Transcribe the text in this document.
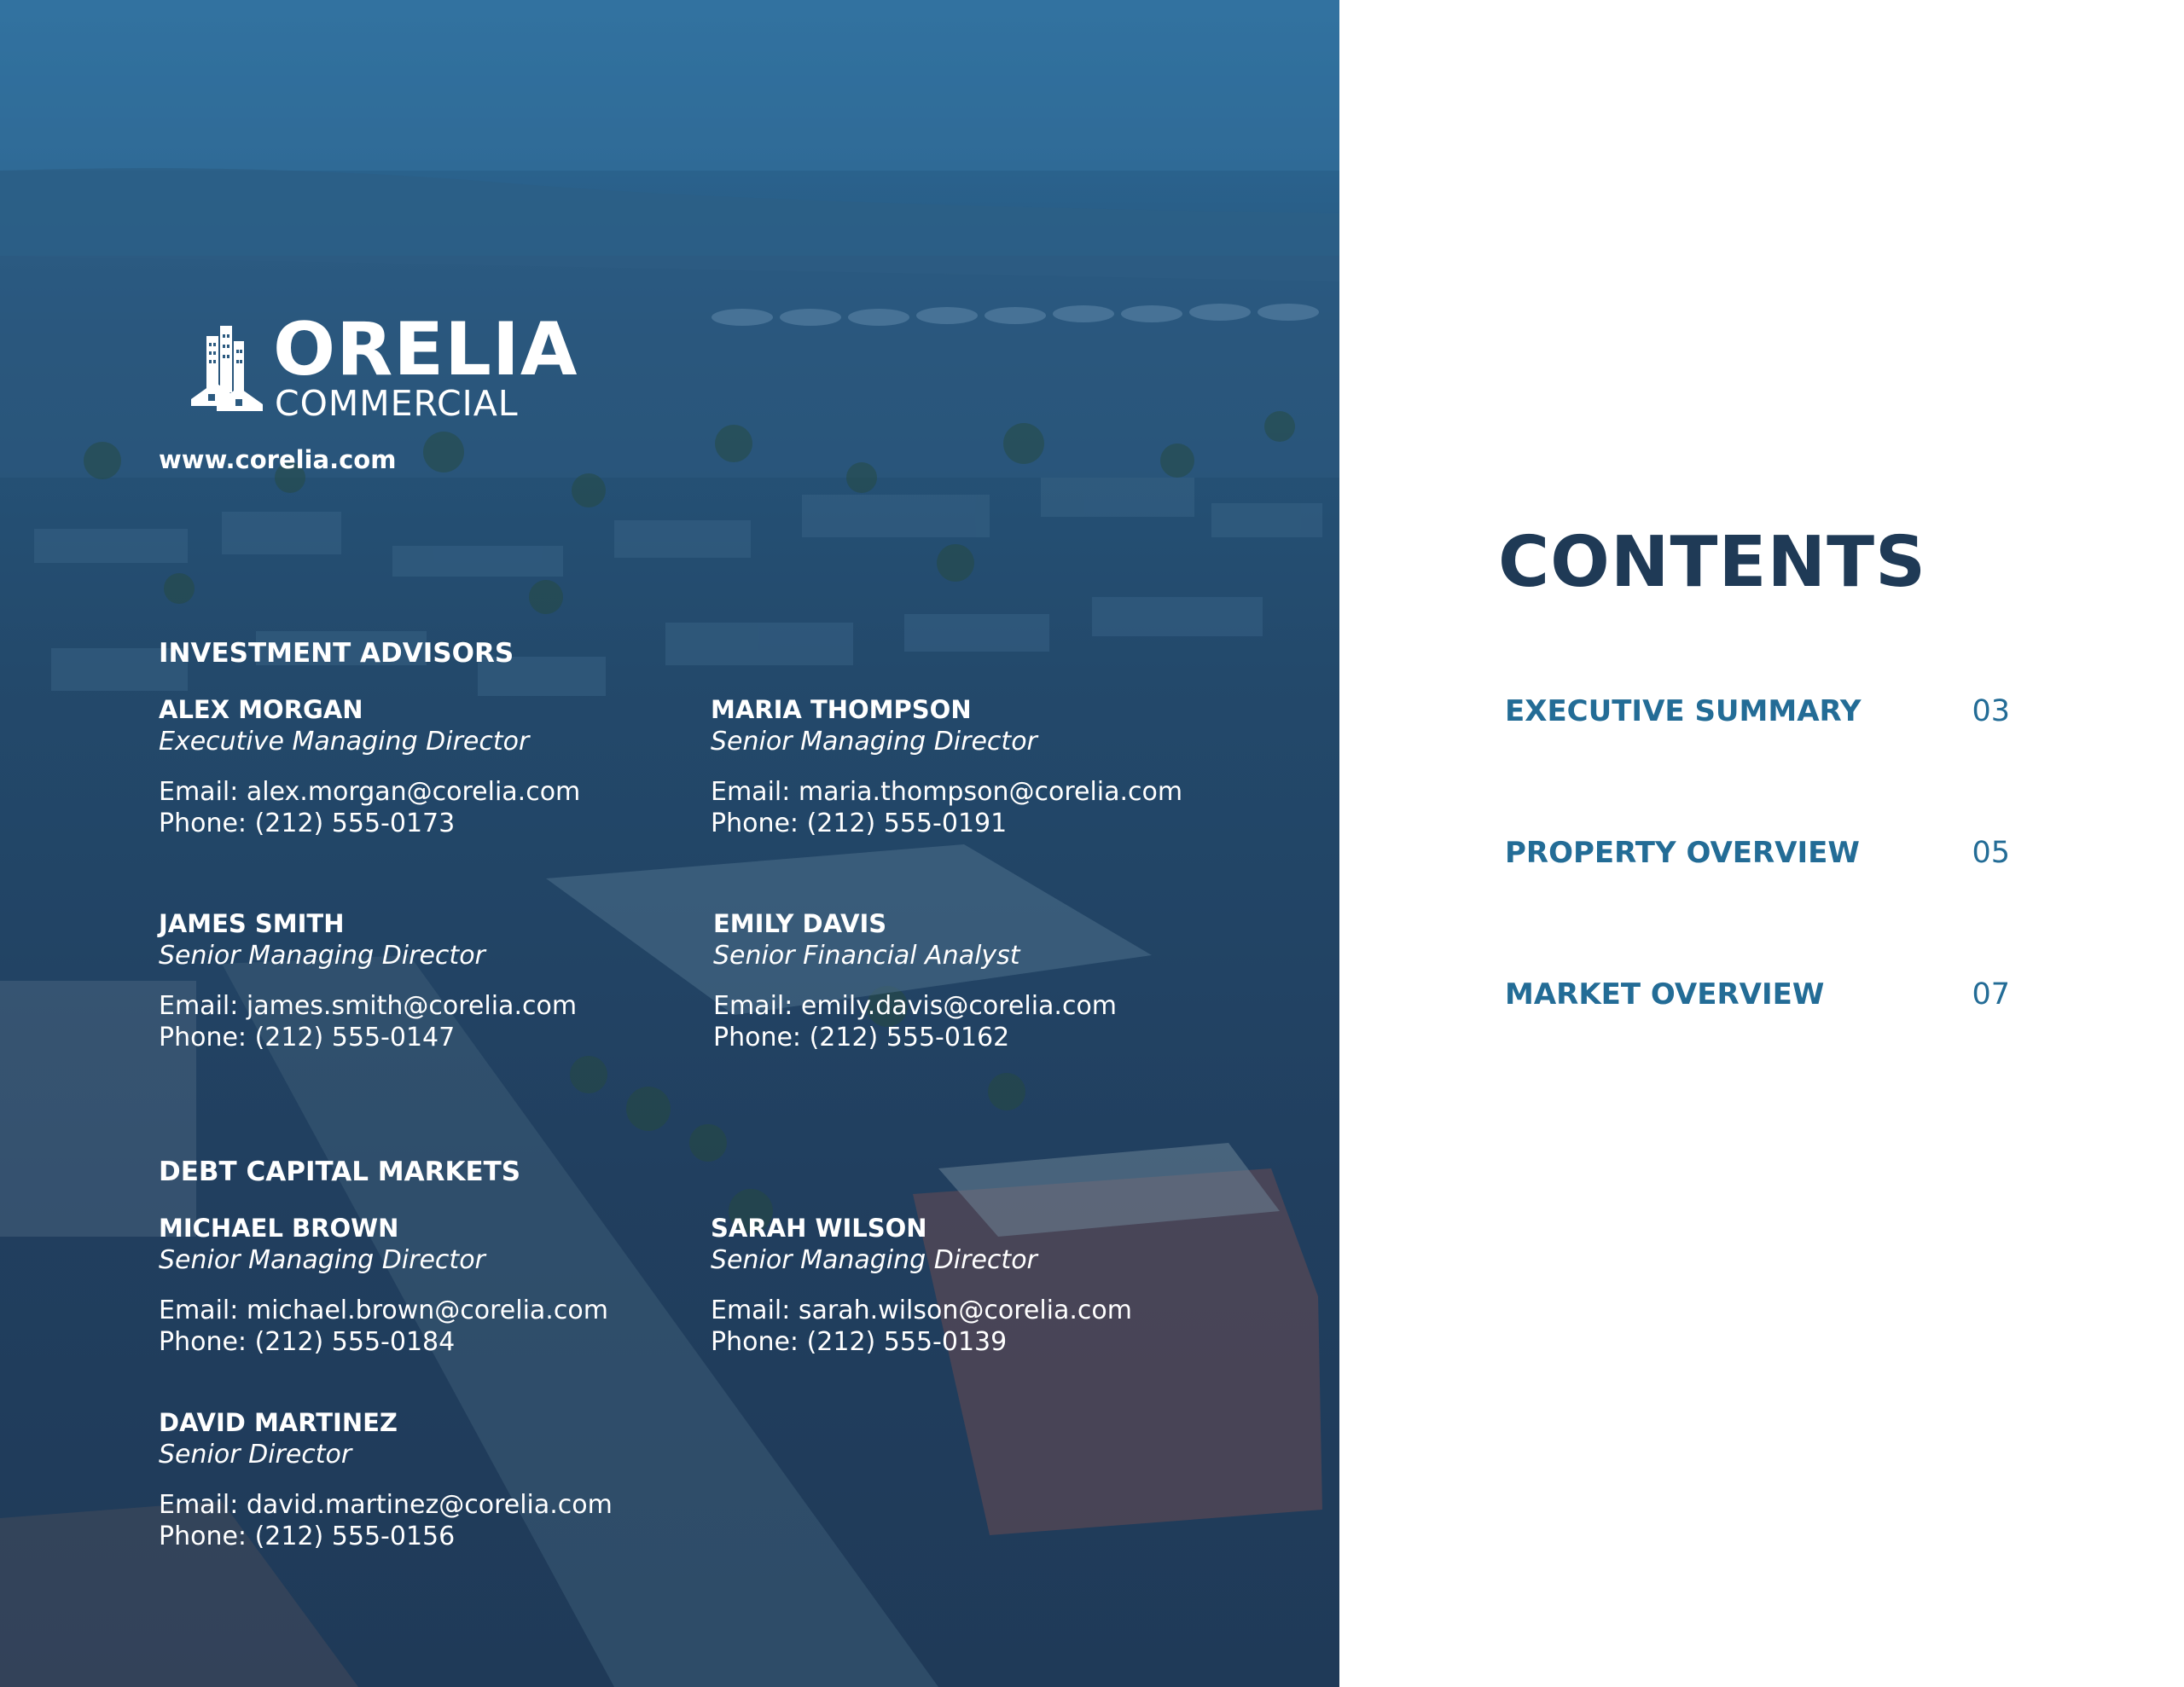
ORELIA
COMMERCIAL
www.corelia.com
INVESTMENT ADVISORS
ALEX MORGAN
Executive Managing Director
Email: alex.morgan@corelia.com
Phone: (212) 555-0173
MARIA THOMPSON
Senior Managing Director
Email: maria.thompson@corelia.com
Phone: (212) 555-0191
JAMES SMITH
Senior Managing Director
Email: james.smith@corelia.com
Phone: (212) 555-0147
EMILY DAVIS
Senior Financial Analyst
Email: emily.davis@corelia.com
Phone: (212) 555-0162
DEBT CAPITAL MARKETS
MICHAEL BROWN
Senior Managing Director
Email: michael.brown@corelia.com
Phone: (212) 555-0184
SARAH WILSON
Senior Managing Director
Email: sarah.wilson@corelia.com
Phone: (212) 555-0139
DAVID MARTINEZ
Senior Director
Email: david.martinez@corelia.com
Phone: (212) 555-0156
CONTENTS
EXECUTIVE SUMMARY	03
PROPERTY OVERVIEW	05
MARKET OVERVIEW	07
